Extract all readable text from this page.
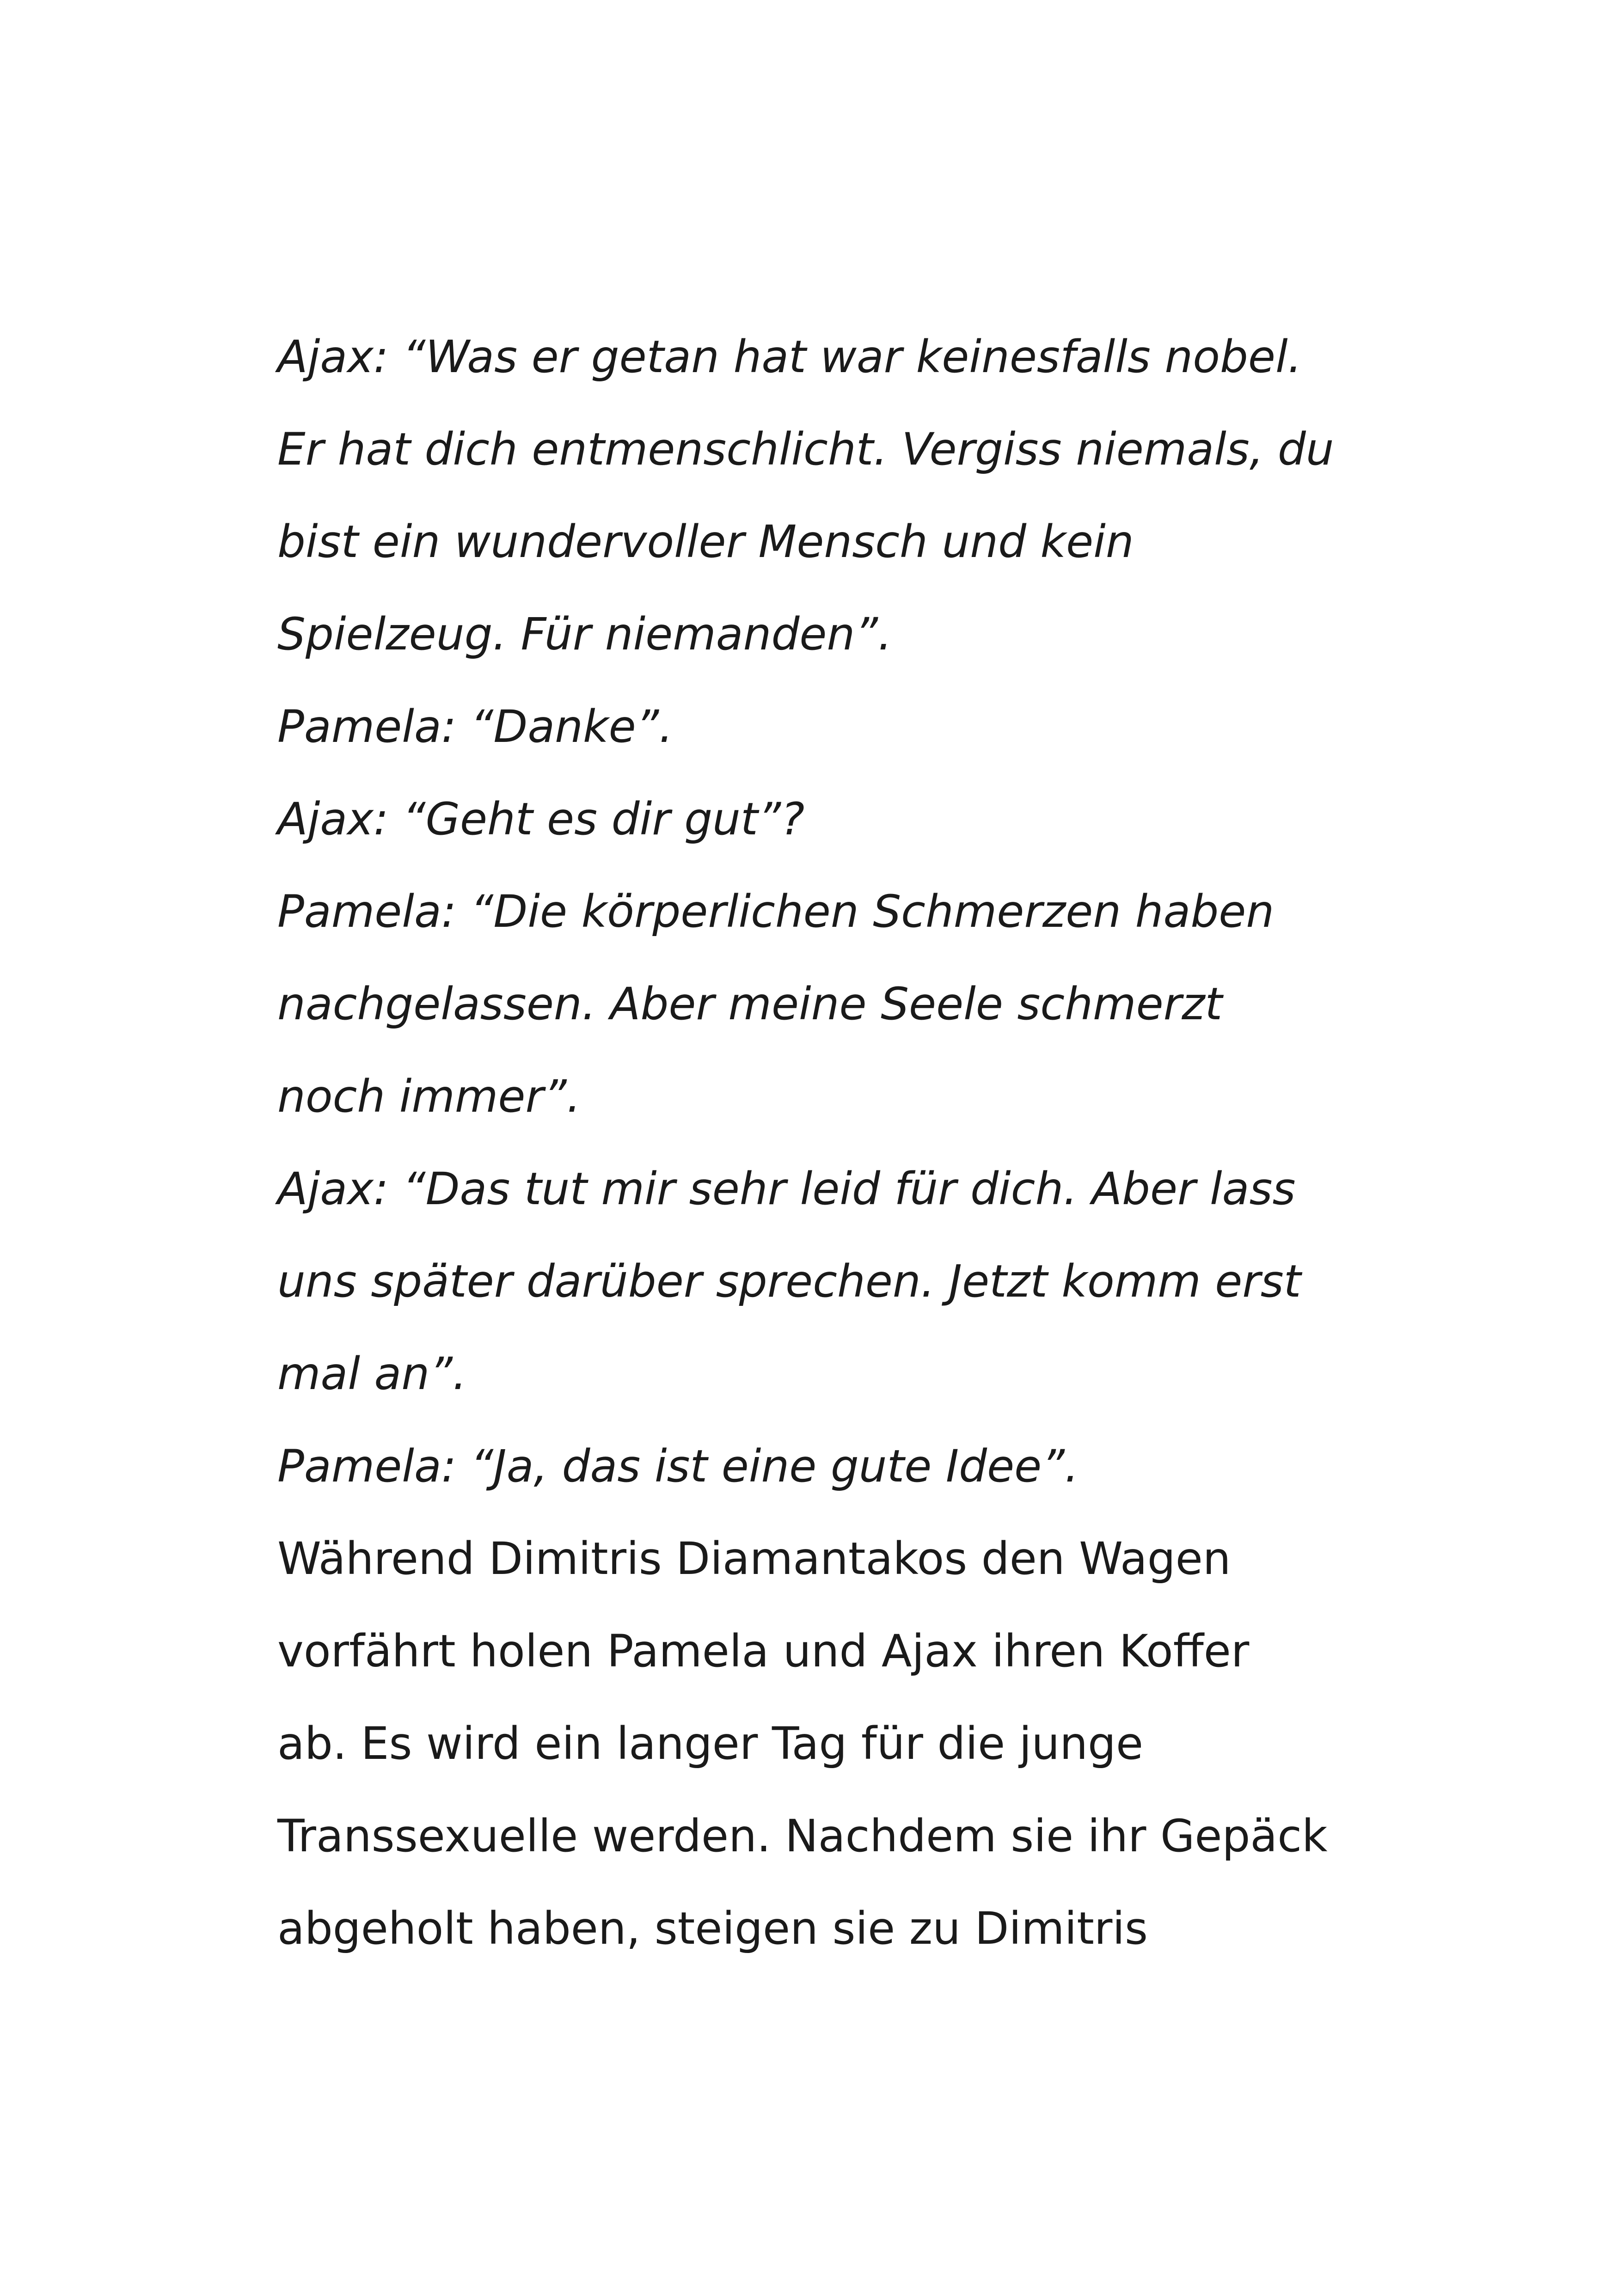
Ajax: “Was er getan hat war keinesfalls nobel.
Er hat dich entmenschlicht. Vergiss niemals, du
bist ein wundervoller Mensch und kein
Spielzeug. Für niemanden”.
Pamela: “Danke”.
Ajax: “Geht es dir gut”?
Pamela: “Die körperlichen Schmerzen haben
nachgelassen. Aber meine Seele schmerzt
noch immer”.
Ajax: “Das tut mir sehr leid für dich. Aber lass
uns später darüber sprechen. Jetzt komm erst
mal an”.
Pamela: “Ja, das ist eine gute Idee”.
Während Dimitris Diamantakos den Wagen
vorfährt holen Pamela und Ajax ihren Koffer
ab. Es wird ein langer Tag für die junge
Transsexuelle werden. Nachdem sie ihr Gepäck
abgeholt haben, steigen sie zu Dimitris
